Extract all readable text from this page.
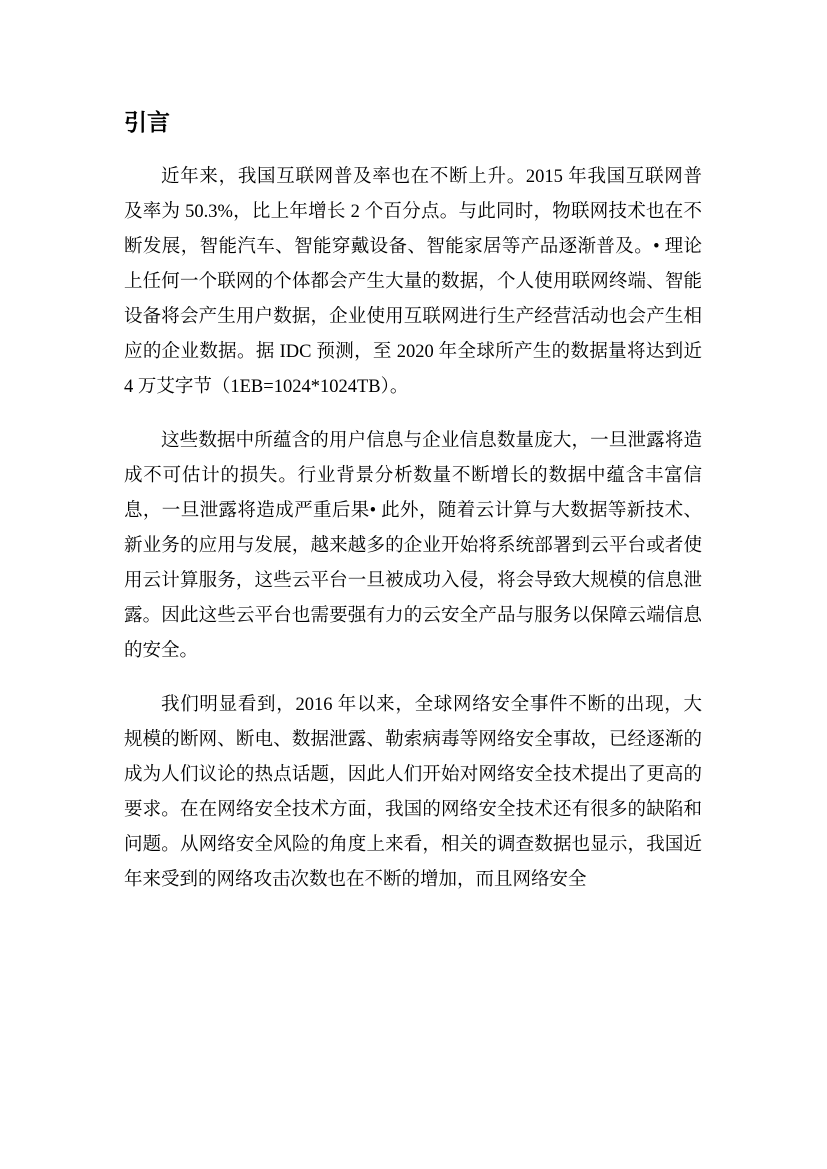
引言

近年来，我国互联网普及率也在不断上升。2015 年我国互联网普及率为 50.3%，比上年增长 2 个百分点。与此同时，物联网技术也在不断发展，智能汽车、智能穿戴设备、智能家居等产品逐渐普及。• 理论上任何一个联网的个体都会产生大量的数据，个人使用联网终端、智能设备将会产生用户数据，企业使用互联网进行生产经营活动也会产生相应的企业数据。据 IDC 预测，至 2020 年全球所产生的数据量将达到近 4 万艾字节（1EB=1024*1024TB）。

这些数据中所蕴含的用户信息与企业信息数量庞大，一旦泄露将造成不可估计的损失。行业背景分析数量不断增长的数据中蕴含丰富信息，一旦泄露将造成严重后果• 此外，随着云计算与大数据等新技术、新业务的应用与发展，越来越多的企业开始将系统部署到云平台或者使用云计算服务，这些云平台一旦被成功入侵，将会导致大规模的信息泄露。因此这些云平台也需要强有力的云安全产品与服务以保障云端信息的安全。

我们明显看到，2016 年以来，全球网络安全事件不断的出现，大规模的断网、断电、数据泄露、勒索病毒等网络安全事故，已经逐渐的成为人们议论的热点话题，因此人们开始对网络安全技术提出了更高的要求。在在网络安全技术方面，我国的网络安全技术还有很多的缺陷和问题。从网络安全风险的角度上来看，相关的调查数据也显示，我国近年来受到的网络攻击次数也在不断的增加，而且网络安全
